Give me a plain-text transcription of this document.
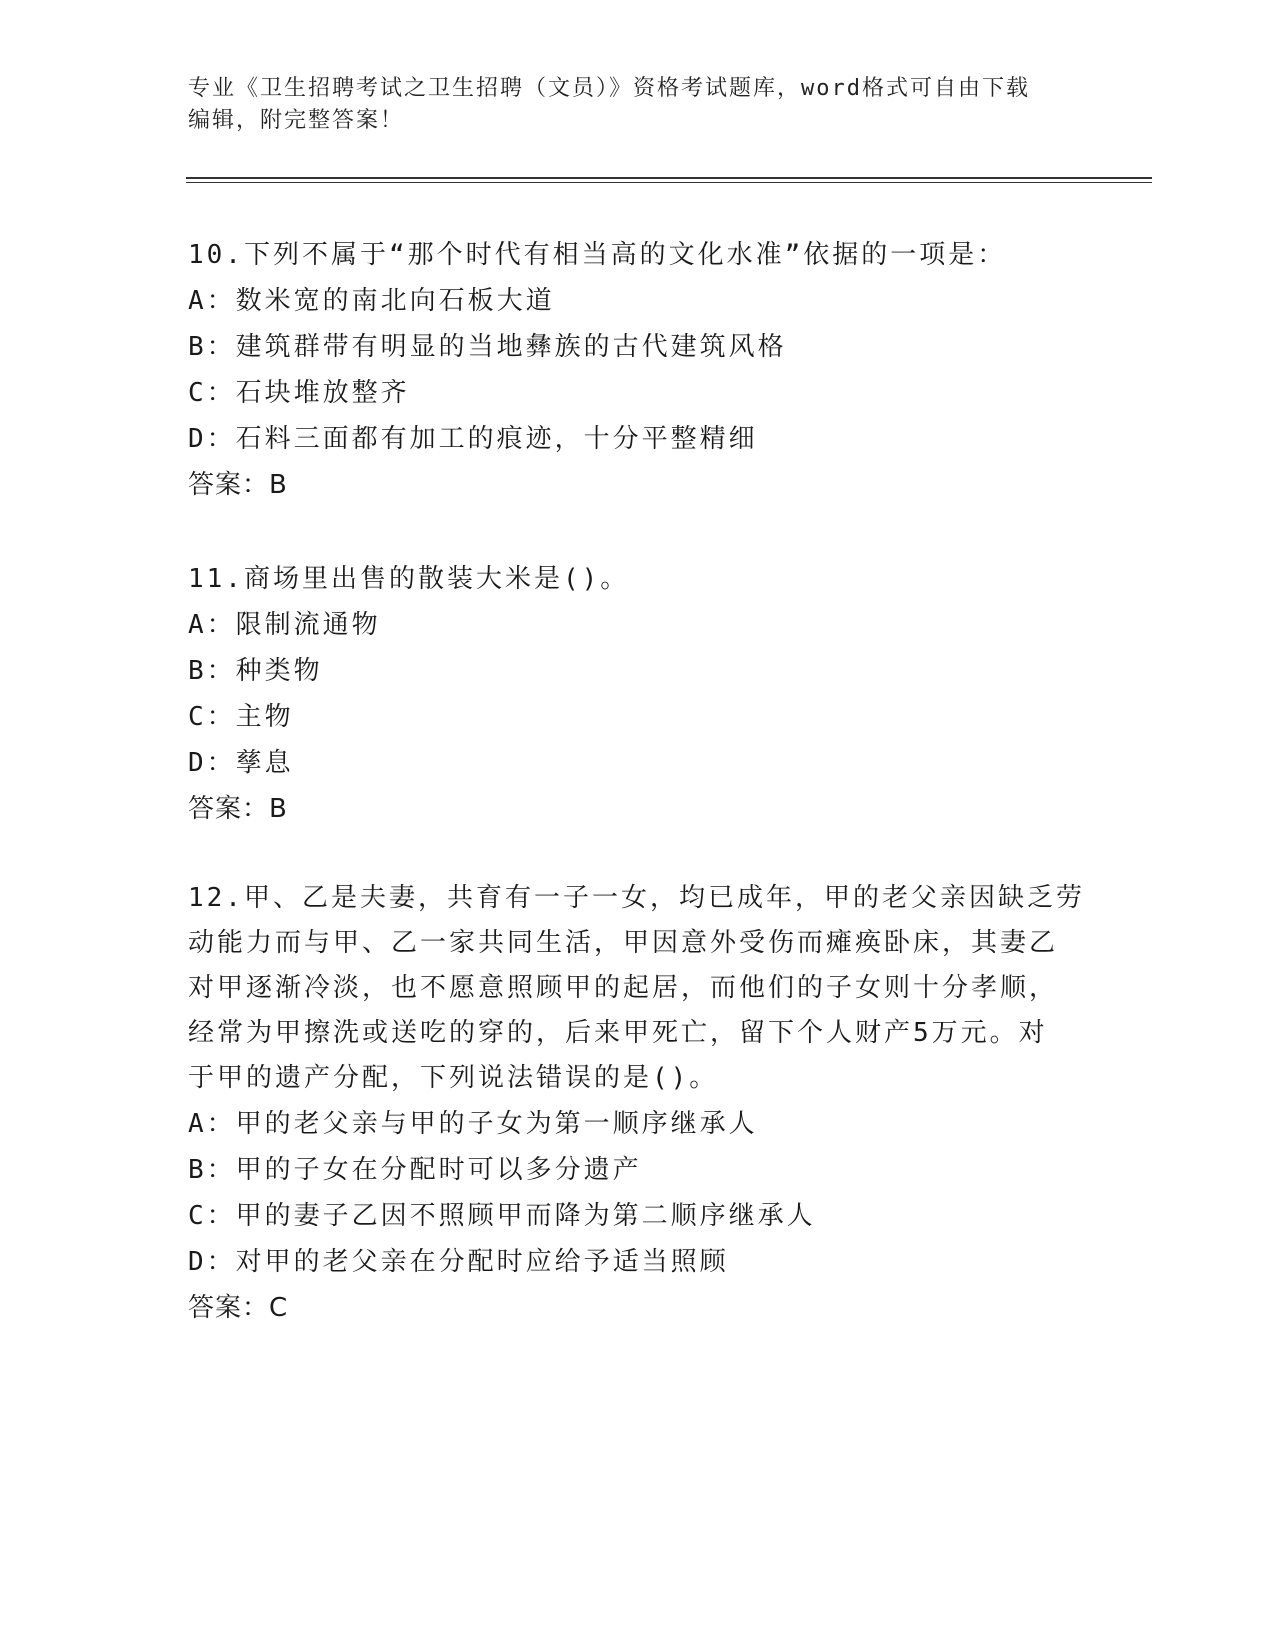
专业《卫生招聘考试之卫生招聘（文员）》资格考试题库，word格式可自由下载
编辑，附完整答案！
10.下列不属于“那个时代有相当高的文化水准”依据的一项是：
A：数米宽的南北向石板大道
B：建筑群带有明显的当地彝族的古代建筑风格
C：石块堆放整齐
D：石料三面都有加工的痕迹，十分平整精细
答案：B
11.商场里出售的散装大米是()。
A：限制流通物
B：种类物
C：主物
D：孳息
答案：B
12.甲、乙是夫妻，共育有一子一女，均已成年，甲的老父亲因缺乏劳
动能力而与甲、乙一家共同生活，甲因意外受伤而瘫痪卧床，其妻乙
对甲逐渐冷淡，也不愿意照顾甲的起居，而他们的子女则十分孝顺，
经常为甲擦洗或送吃的穿的，后来甲死亡，留下个人财产5万元。对
于甲的遗产分配，下列说法错误的是()。
A：甲的老父亲与甲的子女为第一顺序继承人
B：甲的子女在分配时可以多分遗产
C：甲的妻子乙因不照顾甲而降为第二顺序继承人
D：对甲的老父亲在分配时应给予适当照顾
答案：C
